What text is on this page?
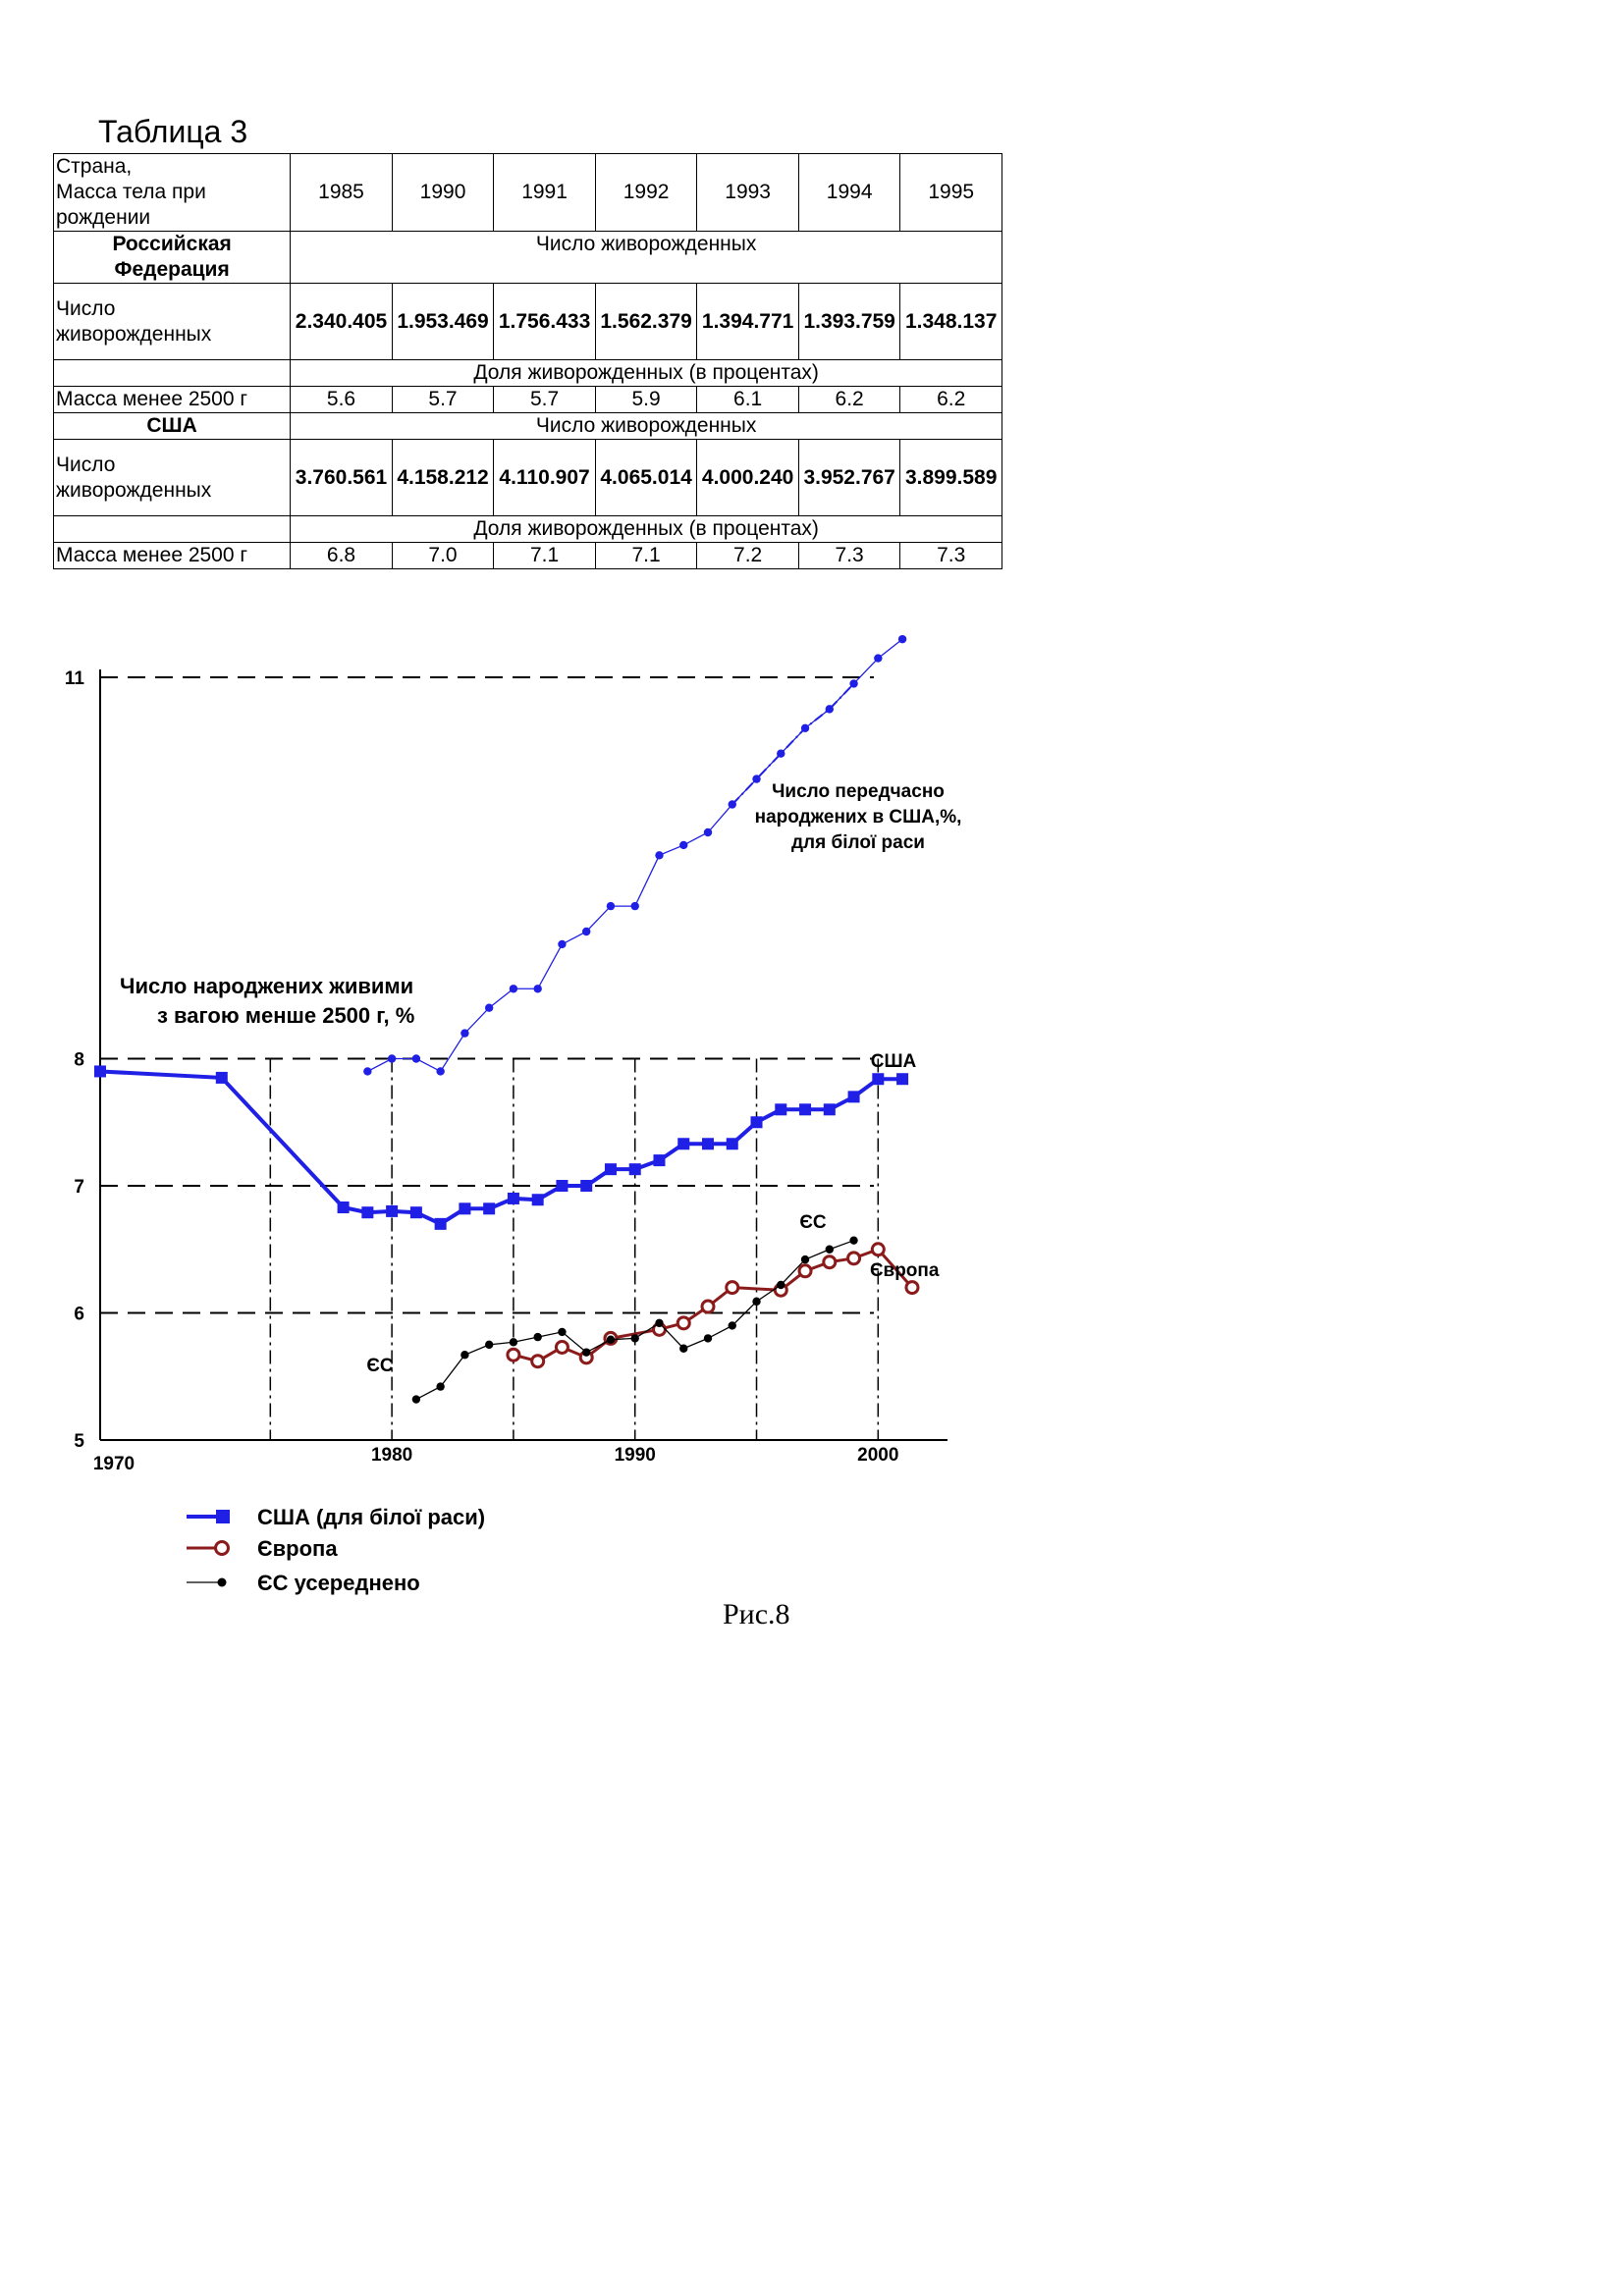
Таблица 3
Страна,
Масса тела при
рождении	1985	1990	1991	1992	1993	1994	1995
Российская
Федерация	Число живорожденных						
Число
живорожденных	2.340.405	1.953.469	1.756.433	1.562.379	1.394.771	1.393.759	1.348.137
	Доля живорожденных (в процентах)						
Масса менее 2500 г	5.6	5.7	5.7	5.9	6.1	6.2	6.2
США	Число живорожденных						
Число
живорожденных	3.760.561	4.158.212	4.110.907	4.065.014	4.000.240	3.952.767	3.899.589
	Доля живорожденных (в процентах)						
Масса менее 2500 г	6.8	7.0	7.1	7.1	7.2	7.3	7.3
5
6
7
8
11
1970	1980	1990	2000
Число народжених живими
з вагою менше 2500 г, %
Число передчасно
народжених в США,%,
для білої раси
США
Європа
ЄС
ЄС
США (для білої раси)
Європа
ЄС усереднено
Рис.8
